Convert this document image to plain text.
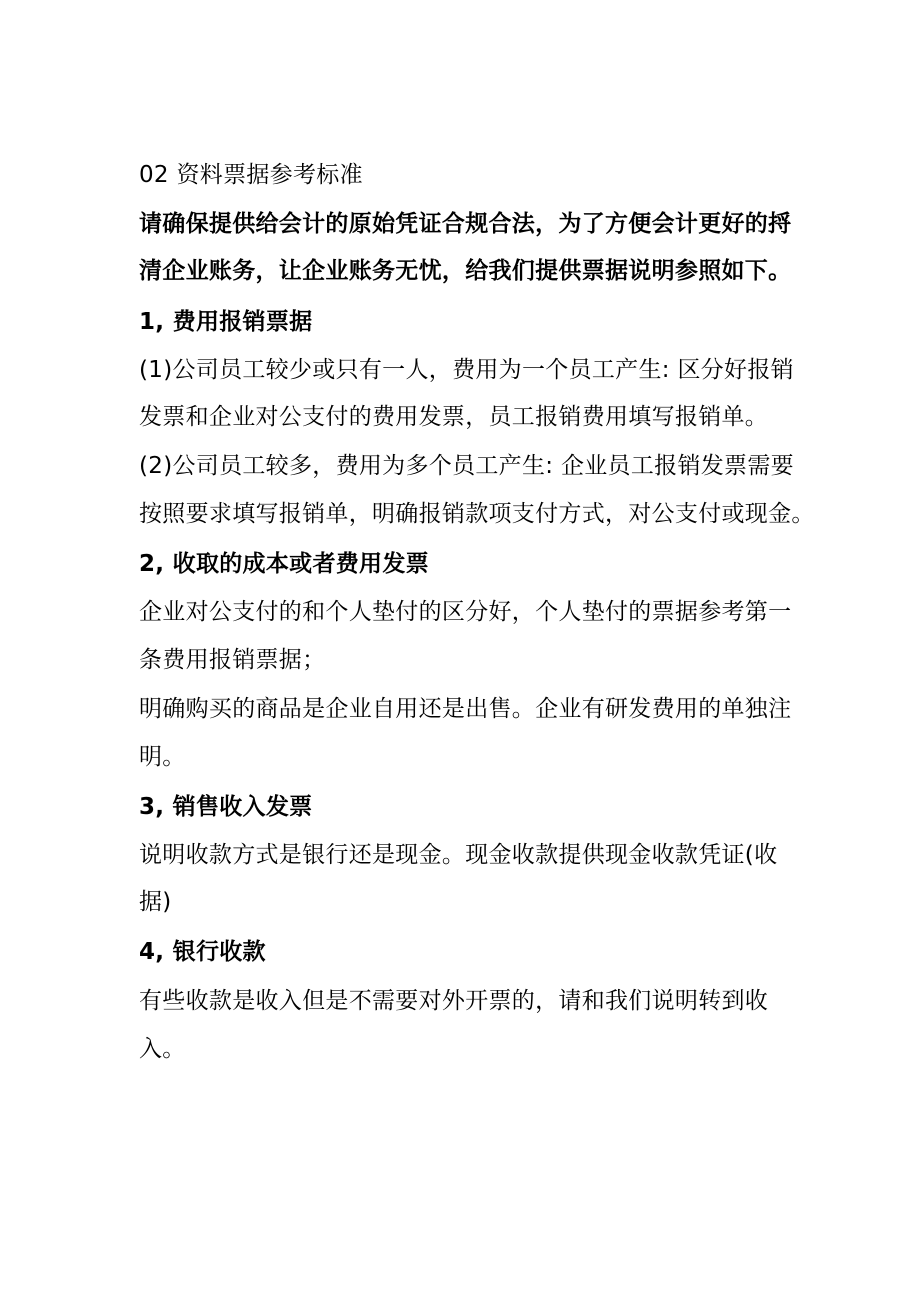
02 资料票据参考标准
请确保提供给会计的原始凭证合规合法，为了方便会计更好的捋
清企业账务，让企业账务无忧，给我们提供票据说明参照如下。
1, 费用报销票据
(1)公司员工较少或只有一人，费用为一个员工产生: 区分好报销
发票和企业对公支付的费用发票，员工报销费用填写报销单。
(2)公司员工较多，费用为多个员工产生: 企业员工报销发票需要
按照要求填写报销单，明确报销款项支付方式，对公支付或现金。
2, 收取的成本或者费用发票
企业对公支付的和个人垫付的区分好，个人垫付的票据参考第一
条费用报销票据；
明确购买的商品是企业自用还是出售。企业有研发费用的单独注
明。
3, 销售收入发票
说明收款方式是银行还是现金。现金收款提供现金收款凭证(收
据)
4, 银行收款
有些收款是收入但是不需要对外开票的，请和我们说明转到收
入。
